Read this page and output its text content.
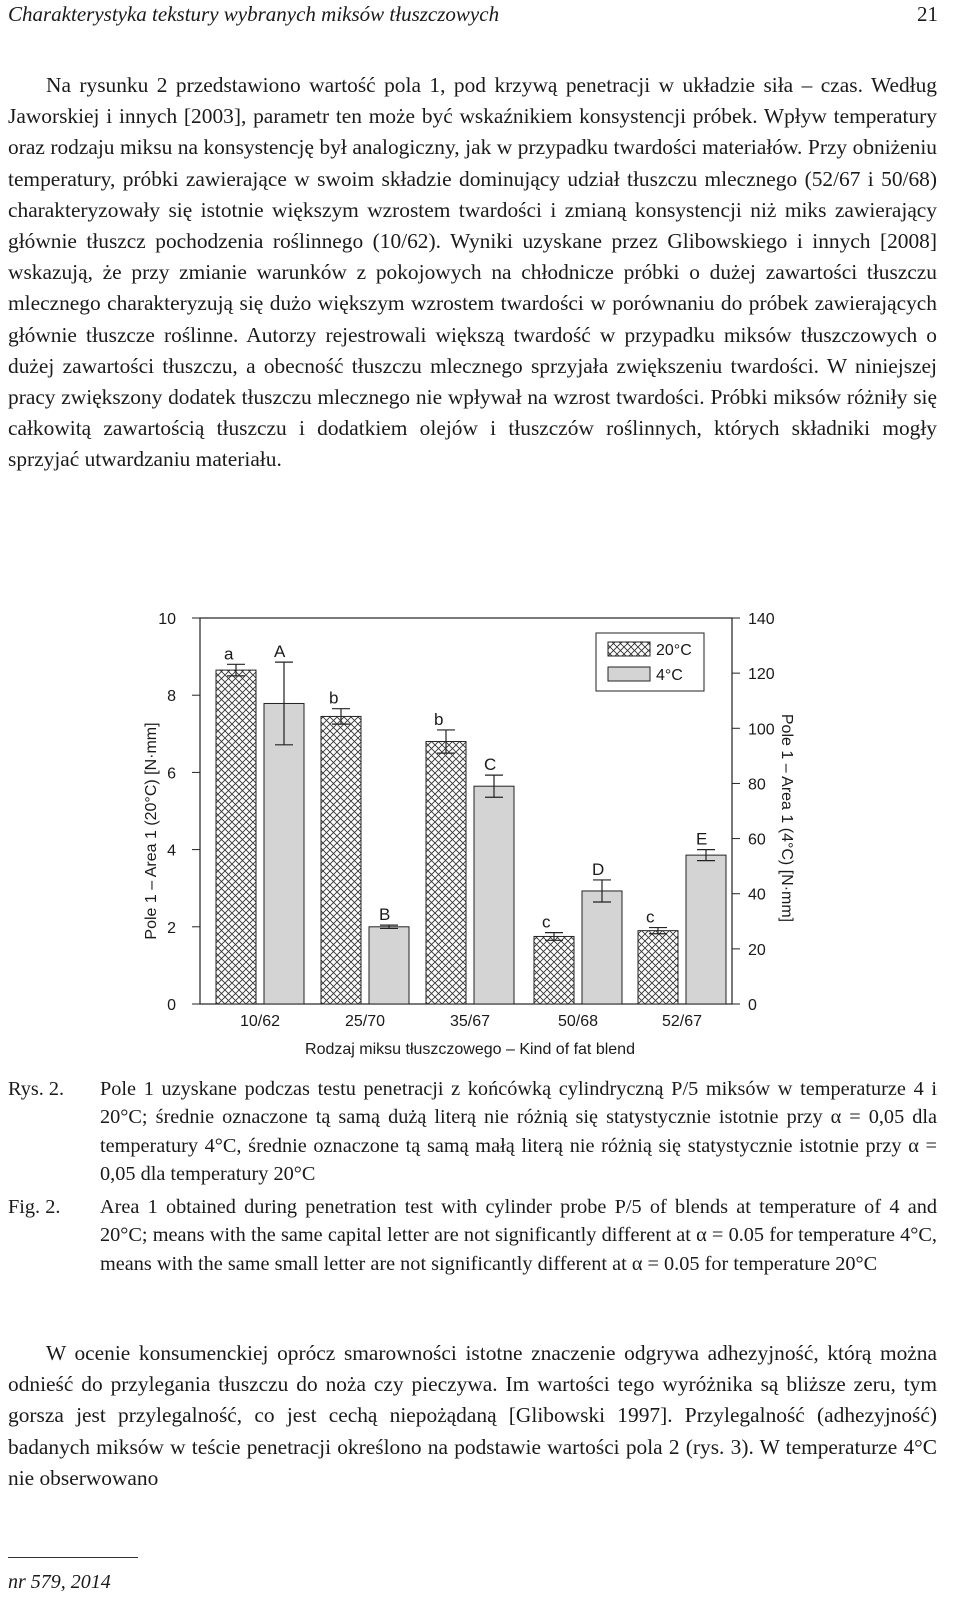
Charakterystyka tekstury wybranych miksów tłuszczowych	21

Na rysunku 2 przedstawiono wartość pola 1, pod krzywą penetracji w układzie siła – czas. Według Jaworskiej i innych [2003], parametr ten może być wskaźnikiem konsystencji próbek. Wpływ temperatury oraz rodzaju miksu na konsystencję był analogiczny, jak w przypadku twardości materiałów. Przy obniżeniu temperatury, próbki zawierające w swoim składzie dominujący udział tłuszczu mlecznego (52/67 i 50/68) charakteryzowały się istotnie większym wzrostem twardości i zmianą konsystencji niż miks zawierający głównie tłuszcz pochodzenia roślinnego (10/62). Wyniki uzyskane przez Glibowskiego i innych [2008] wskazują, że przy zmianie warunków z pokojowych na chłodnicze próbki o dużej zawartości tłuszczu mlecznego charakteryzują się dużo większym wzrostem twardości w porównaniu do próbek zawierających głównie tłuszcze roślinne. Autorzy rejestrowali większą twardość w przypadku miksów tłuszczowych o dużej zawartości tłuszczu, a obecność tłuszczu mlecznego sprzyjała zwiększeniu twardości. W niniejszej pracy zwiększony dodatek tłuszczu mlecznego nie wpływał na wzrost twardości. Próbki miksów różniły się całkowitą zawartością tłuszczu i dodatkiem olejów i tłuszczów roślinnych, których składniki mogły sprzyjać utwardzaniu materiału.

0
2
4
6
8
10
0
20
40
60
80
100
120
140
Pole 1 – Area 1 (20°C) [N·mm]	Pole 1 – Area 1 (4°C) [N·mm]
Rodzaj miksu tłuszczowego – Kind of fat blend
a A
10/62
b
B
25/70
b
C
35/67
c
D
50/68
c
E
52/67
20°C
4°C
Rys. 2. Pole 1 uzyskane podczas testu penetracji z końcówką cylindryczną P/5 miksów w temperaturze 4 i 20°C; średnie oznaczone tą samą dużą literą nie różnią się statystycznie istotnie przy α = 0,05 dla temperatury 4°C, średnie oznaczone tą samą małą literą nie różnią się statystycznie istotnie przy α = 0,05 dla temperatury 20°C
Fig. 2. Area 1 obtained during penetration test with cylinder probe P/5 of blends at temperature of 4 and 20°C; means with the same capital letter are not significantly different at α = 0.05 for temperature 4°C, means with the same small letter are not significantly different at α = 0.05 for temperature 20°C

W ocenie konsumenckiej oprócz smarowności istotne znaczenie odgrywa adhezyjność, którą można odnieść do przylegania tłuszczu do noża czy pieczywa. Im wartości tego wyróżnika są bliższe zeru, tym gorsza jest przylegalność, co jest cechą niepożądaną [Glibowski 1997]. Przylegalność (adhezyjność) badanych miksów w teście penetracji określono na podstawie wartości pola 2 (rys. 3). W temperaturze 4°C nie obserwowano

nr 579, 2014
